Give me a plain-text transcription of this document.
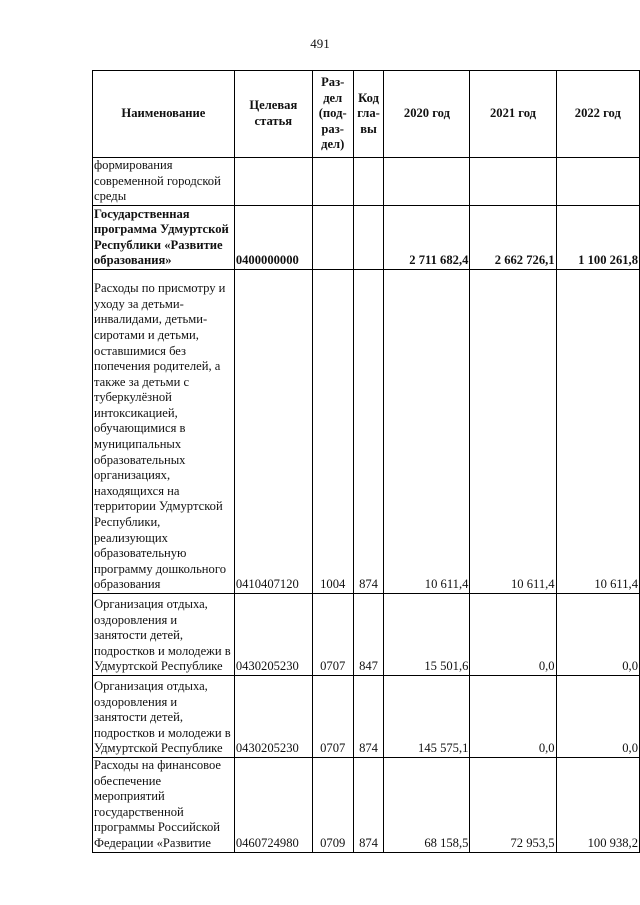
491
Наименование	Целевая статья	Раз-дел (под-раз-дел)	Код гла-вы	2020 год	2021 год	2022 год
формирования современной городской среды						
Государственная программа Удмуртской Республики «Развитие образования»	0400000000			2 711 682,4	2 662 726,1	1 100 261,8
Расходы по присмотру и уходу за детьми-инвалидами, детьми-сиротами и детьми, оставшимися без попечения родителей, а также за детьми с туберкулёзной интоксикацией, обучающимися в муниципальных образовательных организациях, находящихся на территории Удмуртской Республики, реализующих образовательную программу дошкольного образования	0410407120	1004	874	10 611,4	10 611,4	10 611,4
Организация отдыха, оздоровления и занятости детей, подростков и молодежи в Удмуртской Республике	0430205230	0707	847	15 501,6	0,0	0,0
Организация отдыха, оздоровления и занятости детей, подростков и молодежи в Удмуртской Республике	0430205230	0707	874	145 575,1	0,0	0,0
Расходы на финансовое обеспечение мероприятий государственной программы Российской Федерации «Развитие	0460724980	0709	874	68 158,5	72 953,5	100 938,2
